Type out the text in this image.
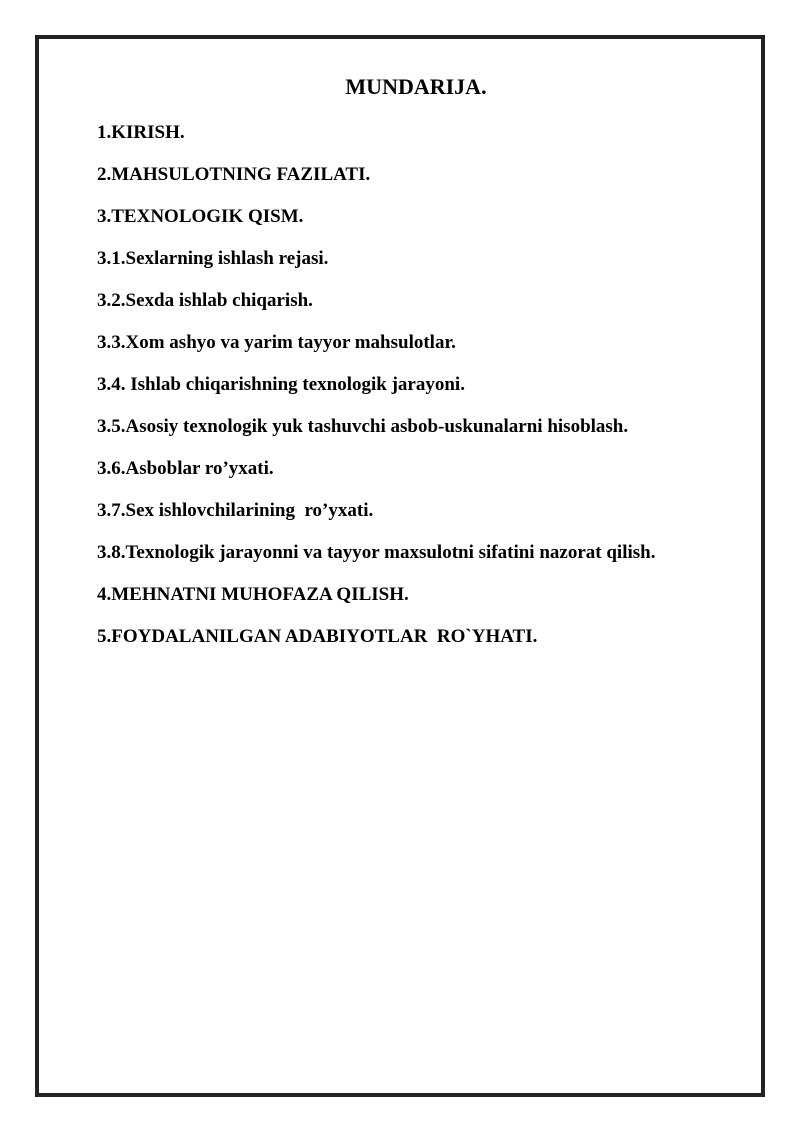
MUNDARIJA.
1.KIRISH.
2.MAHSULOTNING FAZILATI.
3.TEXNOLOGIK QISM.
3.1.Sexlarning ishlash rejasi.
3.2.Sexda ishlab chiqarish.
3.3.Xom ashyo va yarim tayyor mahsulotlar.
3.4. Ishlab chiqarishning texnologik jarayoni.
3.5.Asosiy texnologik yuk tashuvchi asbob-uskunalarni hisoblash.
3.6.Asboblar ro’yxati.
3.7.Sex ishlovchilarining  ro’yxati.
3.8.Texnologik jarayonni va tayyor maxsulotni sifatini nazorat qilish.
4.MEHNATNI MUHOFAZA QILISH.
5.FOYDALANILGAN ADABIYOTLAR  RO`YHATI.
